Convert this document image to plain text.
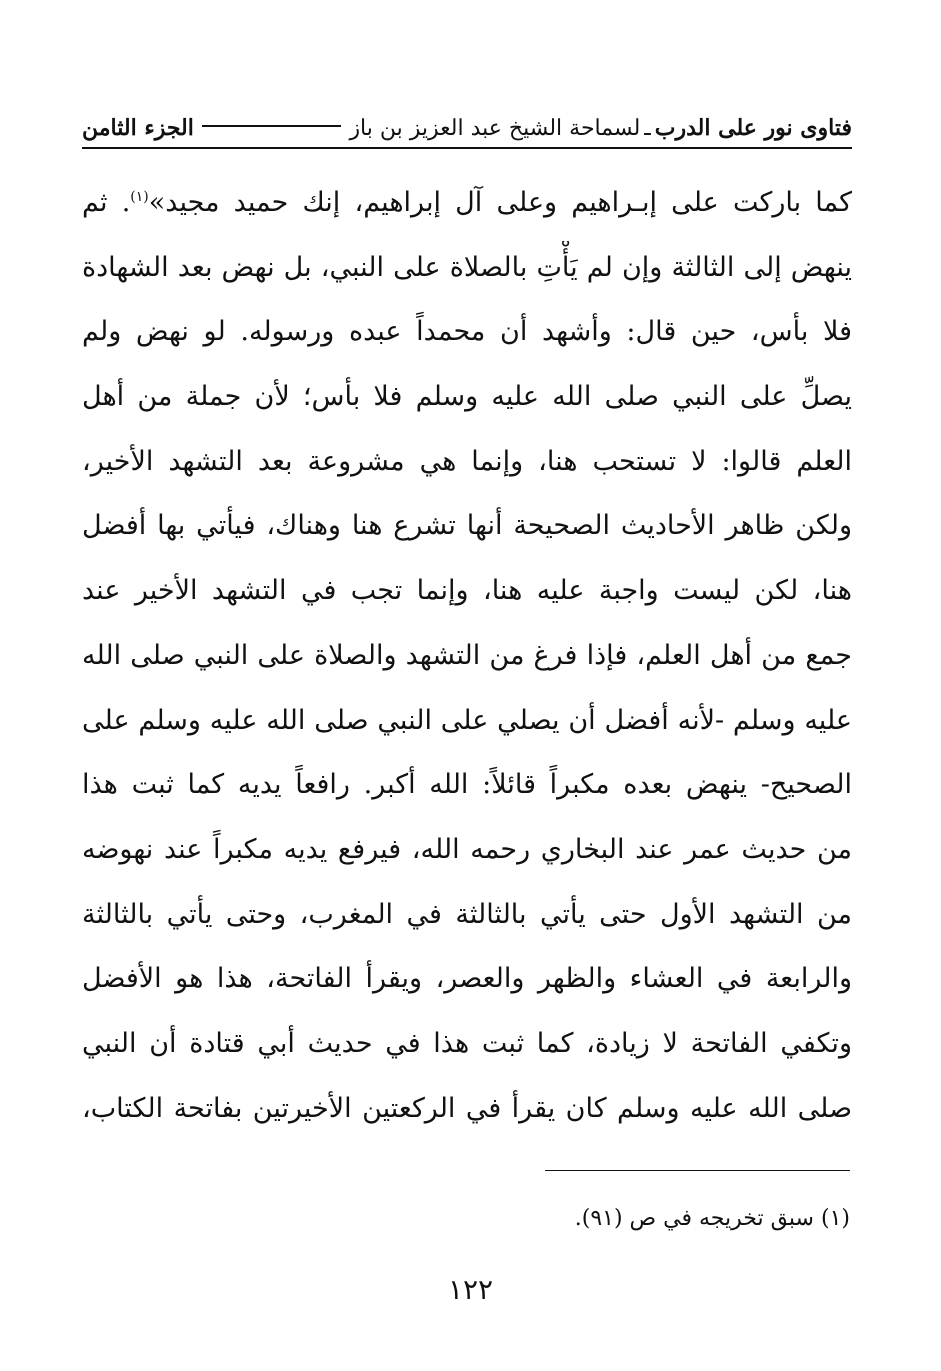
فتاوى نور على الدرب
ـ
لسماحة الشيخ عبد العزيز بن باز
الجزء الثامن
كما باركت على إبـراهيم وعلى آل إبراهيم، إنك حميد مجيد»$^{(١)}$. ثم
ينهض إلى الثالثة وإن لم يَأْتِ بالصلاة على النبي، بل نهض بعد الشهادة
فلا بأس، حين قال: وأشهد أن محمداً عبده ورسوله. لو نهض ولم
يصلِّ على النبي صلى الله عليه وسلم فلا بأس؛ لأن جملة من أهل
العلم قالوا: لا تستحب هنا، وإنما هي مشروعة بعد التشهد الأخير،
ولكن ظاهر الأحاديث الصحيحة أنها تشرع هنا وهناك، فيأتي بها أفضل
هنا، لكن ليست واجبة عليه هنا، وإنما تجب في التشهد الأخير عند
جمع من أهل العلم، فإذا فرغ من التشهد والصلاة على النبي صلى الله
عليه وسلم -لأنه أفضل أن يصلي على النبي صلى الله عليه وسلم على
الصحيح- ينهض بعده مكبراً قائلاً: الله أكبر. رافعاً يديه كما ثبت هذا
من حديث عمر عند البخاري رحمه الله، فيرفع يديه مكبراً عند نهوضه
من التشهد الأول حتى يأتي بالثالثة في المغرب، وحتى يأتي بالثالثة
والرابعة في العشاء والظهر والعصر، ويقرأ الفاتحة، هذا هو الأفضل
وتكفي الفاتحة لا زيادة، كما ثبت هذا في حديث أبي قتادة أن النبي
صلى الله عليه وسلم كان يقرأ في الركعتين الأخيرتين بفاتحة الكتاب،
(١) سبق تخريجه في ص (٩١).
١٢٢
